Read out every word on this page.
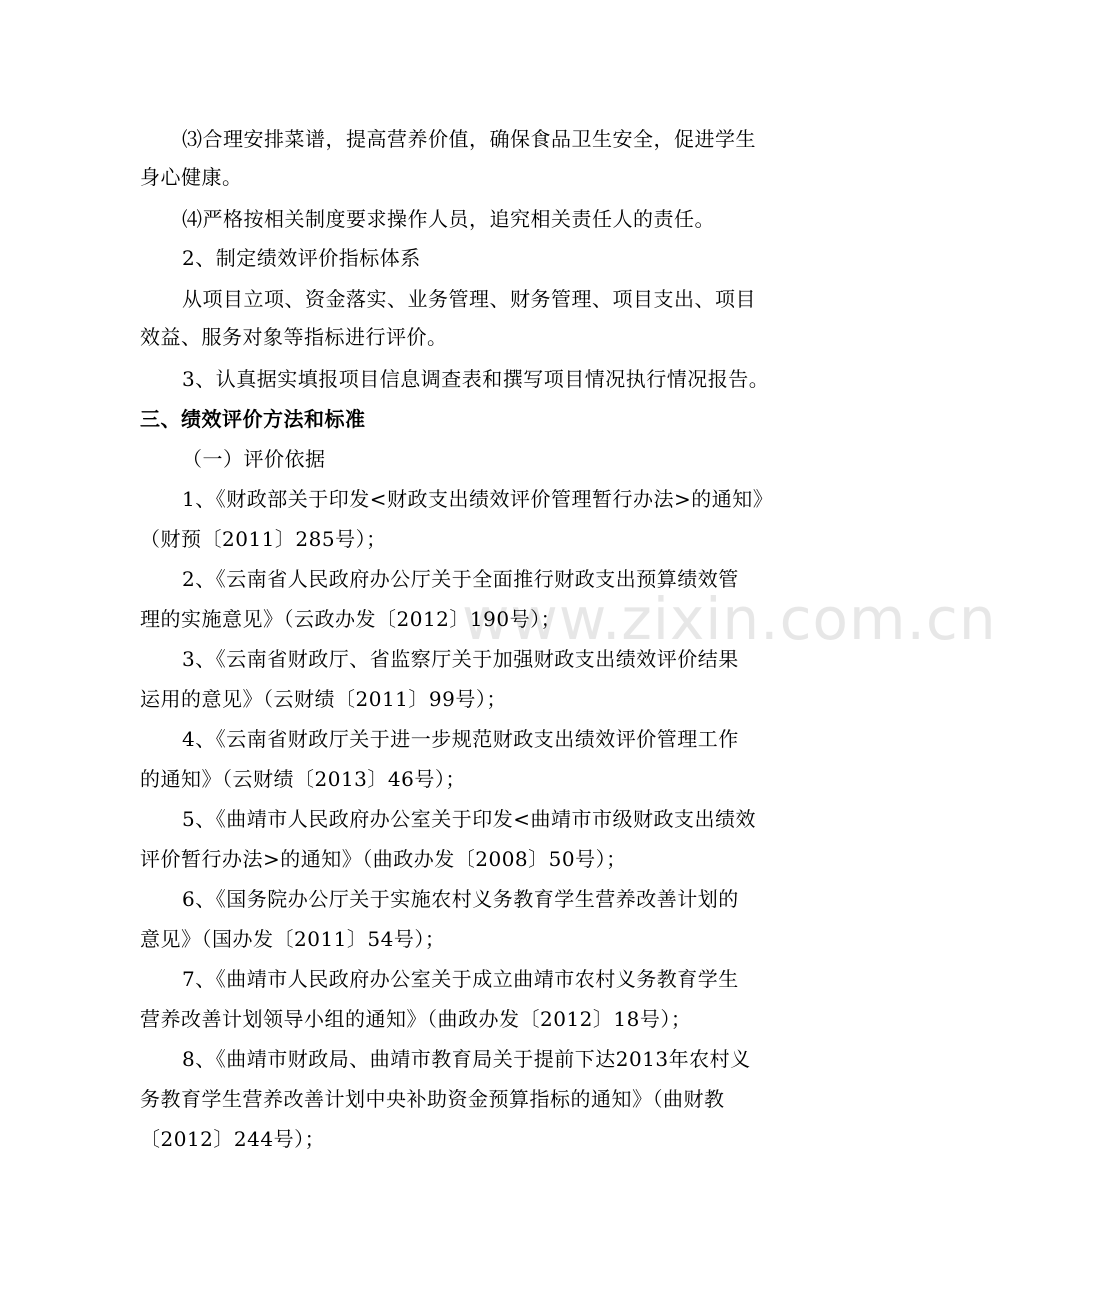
www.zixin.com.cn
⑶合理安排菜谱，提高营养价值，确保食品卫生安全，促进学生
身心健康。
⑷严格按相关制度要求操作人员，追究相关责任人的责任。
2、制定绩效评价指标体系
从项目立项、资金落实、业务管理、财务管理、项目支出、项目
效益、服务对象等指标进行评价。
3、认真据实填报项目信息调查表和撰写项目情况执行情况报告。
三、绩效评价方法和标准
（一）评价依据
1、《财政部关于印发<财政支出绩效评价管理暂行办法>的通知》
（财预〔2011〕285号）；
2、《云南省人民政府办公厅关于全面推行财政支出预算绩效管
理的实施意见》（云政办发〔2012〕190号）；
3、《云南省财政厅、省监察厅关于加强财政支出绩效评价结果
运用的意见》（云财绩〔2011〕99号）；
4、《云南省财政厅关于进一步规范财政支出绩效评价管理工作
的通知》（云财绩〔2013〕46号）；
5、《曲靖市人民政府办公室关于印发<曲靖市市级财政支出绩效
评价暂行办法>的通知》（曲政办发〔2008〕50号）；
6、《国务院办公厅关于实施农村义务教育学生营养改善计划的
意见》（国办发〔2011〕54号）；
7、《曲靖市人民政府办公室关于成立曲靖市农村义务教育学生
营养改善计划领导小组的通知》（曲政办发〔2012〕18号）；
8、《曲靖市财政局、曲靖市教育局关于提前下达2013年农村义
务教育学生营养改善计划中央补助资金预算指标的通知》（曲财教
〔2012〕244号）；
